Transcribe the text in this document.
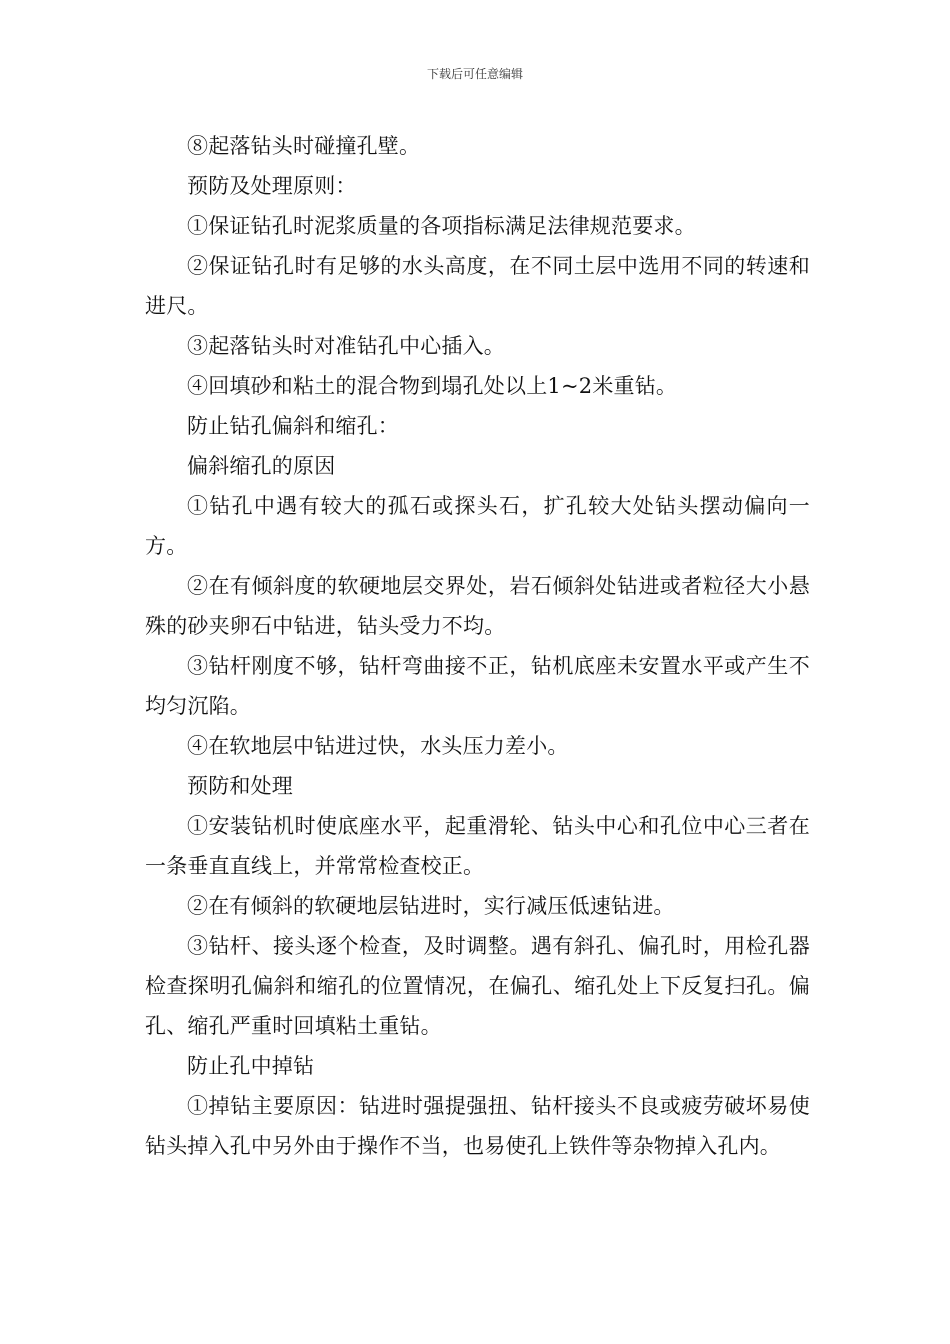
下载后可任意编辑

⑧起落钻头时碰撞孔壁。

预防及处理原则：

①保证钻孔时泥浆质量的各项指标满足法律规范要求。

②保证钻孔时有足够的水头高度，在不同土层中选用不同的转速和进尺。

③起落钻头时对准钻孔中心插入。

④回填砂和粘土的混合物到塌孔处以上1~2米重钻。

防止钻孔偏斜和缩孔：

偏斜缩孔的原因

①钻孔中遇有较大的孤石或探头石，扩孔较大处钻头摆动偏向一方。

②在有倾斜度的软硬地层交界处，岩石倾斜处钻进或者粒径大小悬殊的砂夹卵石中钻进，钻头受力不均。

③钻杆刚度不够，钻杆弯曲接不正，钻机底座未安置水平或产生不均匀沉陷。

④在软地层中钻进过快，水头压力差小。

预防和处理

①安装钻机时使底座水平，起重滑轮、钻头中心和孔位中心三者在一条垂直直线上，并常常检查校正。

②在有倾斜的软硬地层钻进时，实行减压低速钻进。

③钻杆、接头逐个检查，及时调整。遇有斜孔、偏孔时，用检孔器检查探明孔偏斜和缩孔的位置情况，在偏孔、缩孔处上下反复扫孔。偏孔、缩孔严重时回填粘土重钻。

防止孔中掉钻

①掉钻主要原因：钻进时强提强扭、钻杆接头不良或疲劳破坏易使钻头掉入孔中另外由于操作不当，也易使孔上铁件等杂物掉入孔内。
